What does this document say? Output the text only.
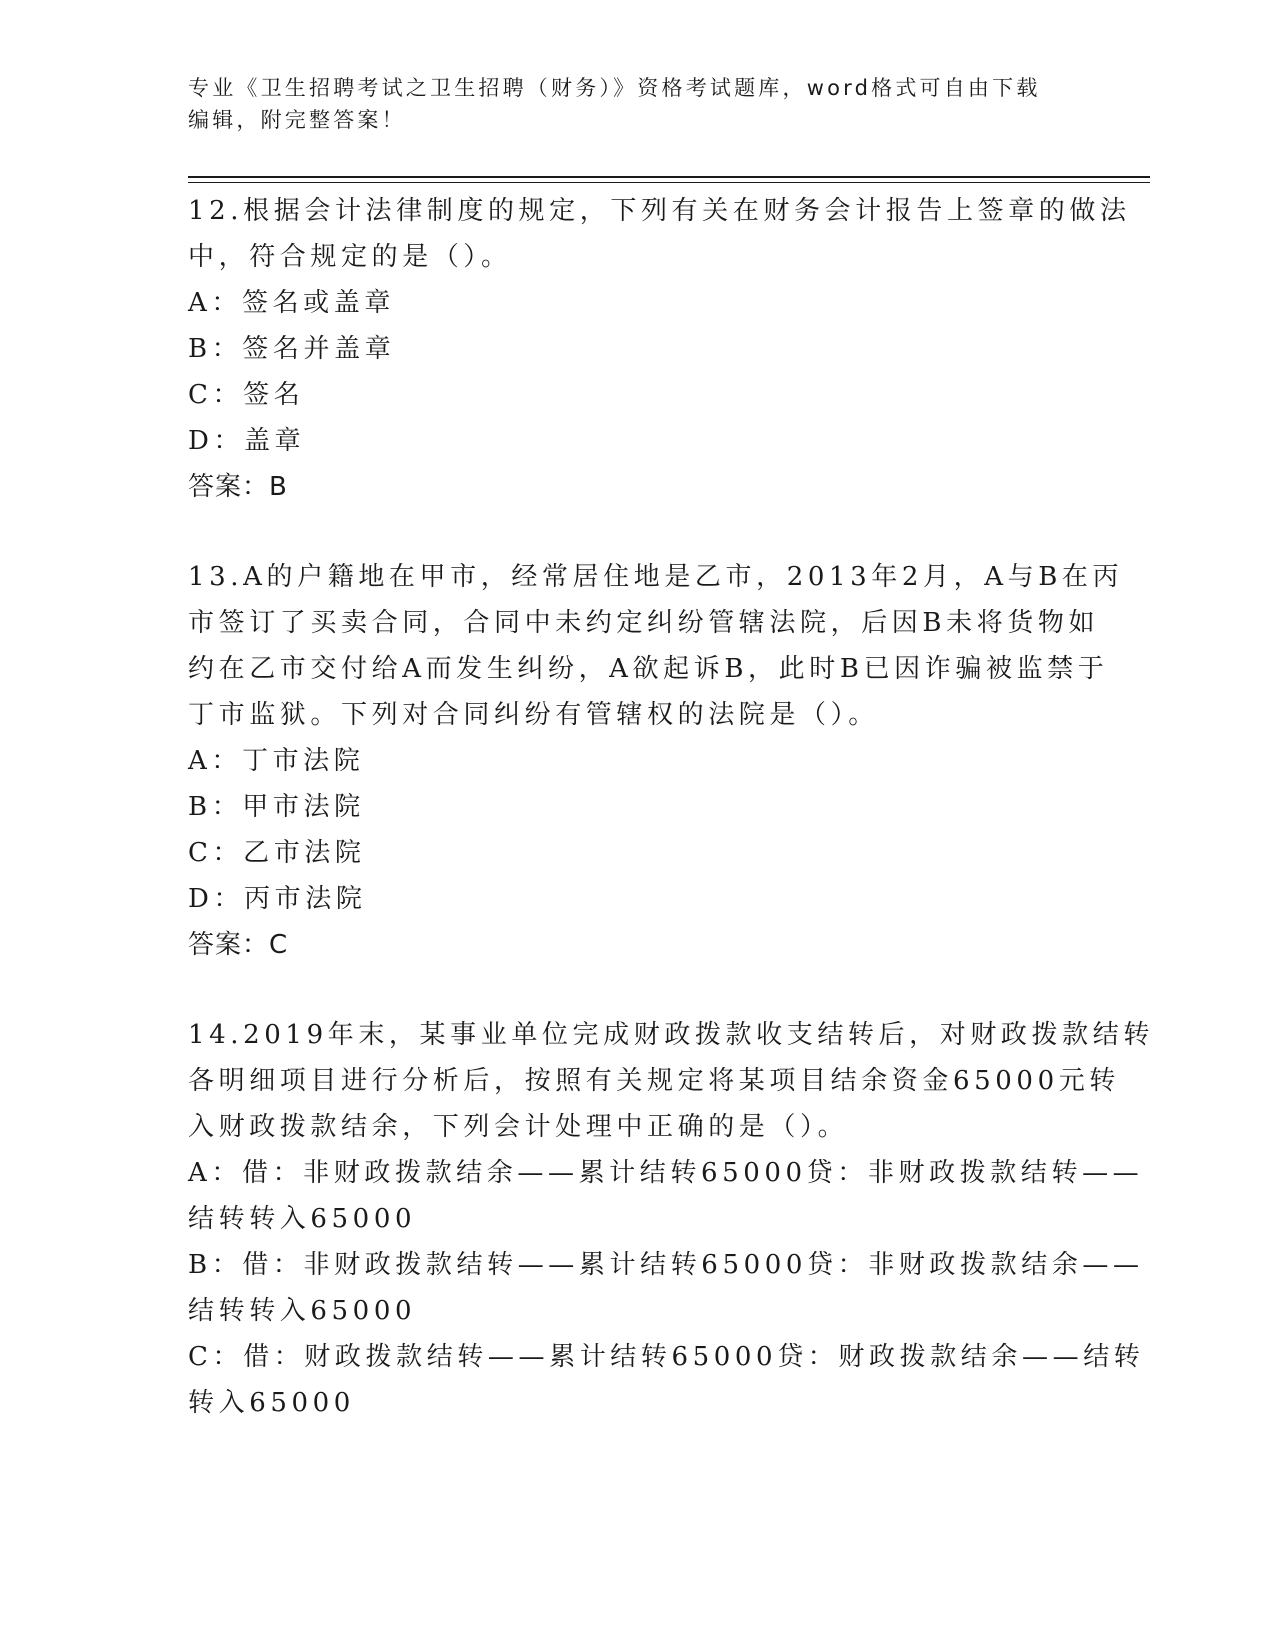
专业《卫生招聘考试之卫生招聘（财务）》资格考试题库，word格式可自由下载
编辑，附完整答案！
12.根据会计法律制度的规定，下列有关在财务会计报告上签章的做法
中，符合规定的是（）。
A：签名或盖章
B：签名并盖章
C：签名
D：盖章
答案：B
13.A的户籍地在甲市，经常居住地是乙市，2013年2月，A与B在丙
市签订了买卖合同，合同中未约定纠纷管辖法院，后因B未将货物如
约在乙市交付给A而发生纠纷，A欲起诉B，此时B已因诈骗被监禁于
丁市监狱。下列对合同纠纷有管辖权的法院是（）。
A：丁市法院
B：甲市法院
C：乙市法院
D：丙市法院
答案：C
14.2019年末，某事业单位完成财政拨款收支结转后，对财政拨款结转
各明细项目进行分析后，按照有关规定将某项目结余资金65000元转
入财政拨款结余，下列会计处理中正确的是（）。
A：借：非财政拨款结余——累计结转65000贷：非财政拨款结转——
结转转入65000
B：借：非财政拨款结转——累计结转65000贷：非财政拨款结余——
结转转入65000
C：借：财政拨款结转——累计结转65000贷：财政拨款结余——结转
转入65000
